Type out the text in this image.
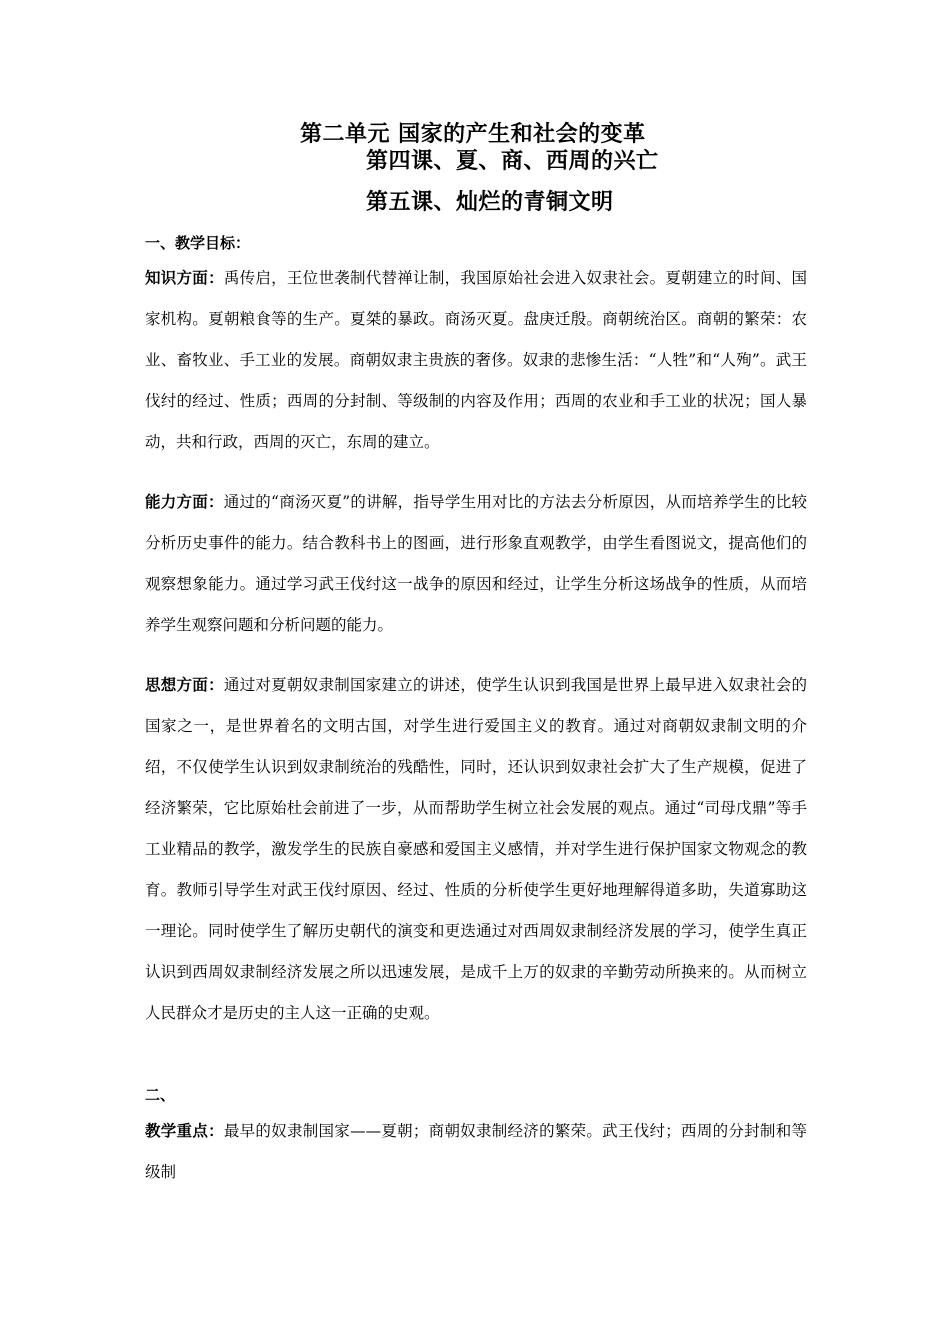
第二单元 国家的产生和社会的变革
第四课、夏、商、西周的兴亡
第五课、灿烂的青铜文明
一、教学目标：
知识方面：禹传启，王位世袭制代替禅让制，我国原始社会进入奴隶社会。夏朝建立的时间、国家机构。夏朝粮食等的生产。夏桀的暴政。商汤灭夏。盘庚迁殷。商朝统治区。商朝的繁荣：农业、畜牧业、手工业的发展。商朝奴隶主贵族的奢侈。奴隶的悲惨生活：“人牲”和“人殉”。武王伐纣的经过、性质；西周的分封制、等级制的内容及作用；西周的农业和手工业的状况；国人暴动，共和行政，西周的灭亡，东周的建立。
能力方面：通过的“商汤灭夏”的讲解，指导学生用对比的方法去分析原因，从而培养学生的比较分析历史事件的能力。结合教科书上的图画，进行形象直观教学，由学生看图说文，提高他们的观察想象能力。通过学习武王伐纣这一战争的原因和经过，让学生分析这场战争的性质，从而培养学生观察问题和分析问题的能力。
思想方面：通过对夏朝奴隶制国家建立的讲述，使学生认识到我国是世界上最早进入奴隶社会的国家之一，是世界着名的文明古国，对学生进行爱国主义的教育。通过对商朝奴隶制文明的介绍，不仅使学生认识到奴隶制统治的残酷性，同时，还认识到奴隶社会扩大了生产规模，促进了经济繁荣，它比原始杜会前进了一步，从而帮助学生树立社会发展的观点。通过“司母戊鼎”等手工业精品的教学，激发学生的民族自豪感和爱国主义感情，并对学生进行保护国家文物观念的教育。教师引导学生对武王伐纣原因、经过、性质的分析使学生更好地理解得道多助，失道寡助这一理论。同时使学生了解历史朝代的演变和更迭通过对西周奴隶制经济发展的学习，使学生真正认识到西周奴隶制经济发展之所以迅速发展，是成千上万的奴隶的辛勤劳动所换来的。从而树立人民群众才是历史的主人这一正确的史观。
二、
教学重点：最早的奴隶制国家——夏朝；商朝奴隶制经济的繁荣。武王伐纣；西周的分封制和等级制
